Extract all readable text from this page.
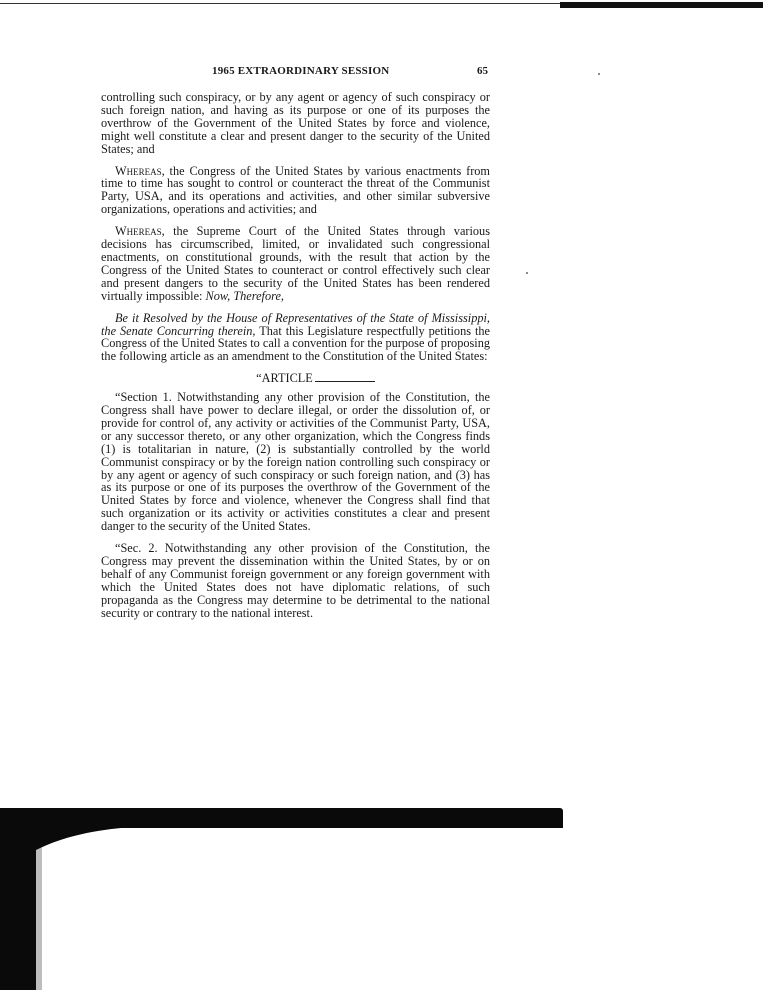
1965 EXTRAORDINARY SESSION	65

controlling such conspiracy, or by any agent or agency of such conspiracy or such foreign nation, and having as its purpose or one of its purposes the overthrow of the Government of the United States by force and violence, might well constitute a clear and present danger to the security of the United States; and

Whereas, the Congress of the United States by various enactments from time to time has sought to control or counteract the threat of the Communist Party, USA, and its operations and activities, and other similar subversive organizations, operations and activities; and

Whereas, the Supreme Court of the United States through various decisions has circumscribed, limited, or invalidated such congressional enactments, on constitutional grounds, with the result that action by the Congress of the United States to counteract or control effectively such clear and present dangers to the security of the United States has been rendered virtually impossible: Now, Therefore,

Be it Resolved by the House of Representatives of the State of Mississippi, the Senate Concurring therein, That this Legislature respectfully petitions the Congress of the United States to call a convention for the purpose of proposing the following article as an amendment to the Constitution of the United States:

“ARTICLE

“Section 1. Notwithstanding any other provision of the Constitution, the Congress shall have power to declare illegal, or order the dissolution of, or provide for control of, any activity or activities of the Communist Party, USA, or any successor thereto, or any other organization, which the Congress finds (1) is totalitarian in nature, (2) is substantially controlled by the world Communist conspiracy or by the foreign nation controlling such conspiracy or by any agent or agency of such conspiracy or such foreign nation, and (3) has as its purpose or one of its purposes the overthrow of the Government of the United States by force and violence, whenever the Congress shall find that such organization or its activity or activities constitutes a clear and present danger to the security of the United States.

“Sec. 2. Notwithstanding any other provision of the Constitution, the Congress may prevent the dissemination within the United States, by or on behalf of any Communist foreign government or any foreign government with which the United States does not have diplomatic relations, of such propaganda as the Congress may determine to be detrimental to the national security or contrary to the national interest.
